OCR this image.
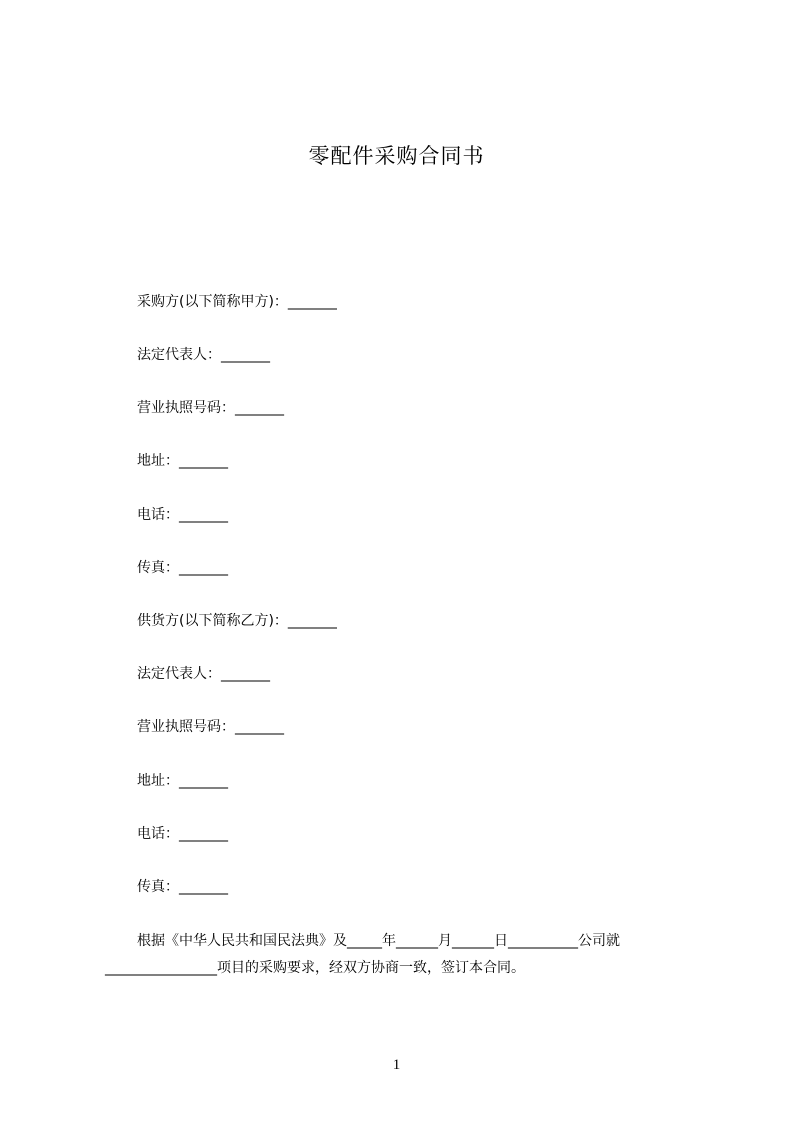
零配件采购合同书
采购方(以下简称甲方)：_______
法定代表人：_______
营业执照号码：_______
地址：_______
电话：_______
传真：_______
供货方(以下简称乙方)：_______
法定代表人：_______
营业执照号码：_______
地址：_______
电话：_______
传真：_______
根据《中华人民共和国民法典》及_____年______月______日__________公司就
________________项目的采购要求，经双方协商一致，签订本合同。
1
